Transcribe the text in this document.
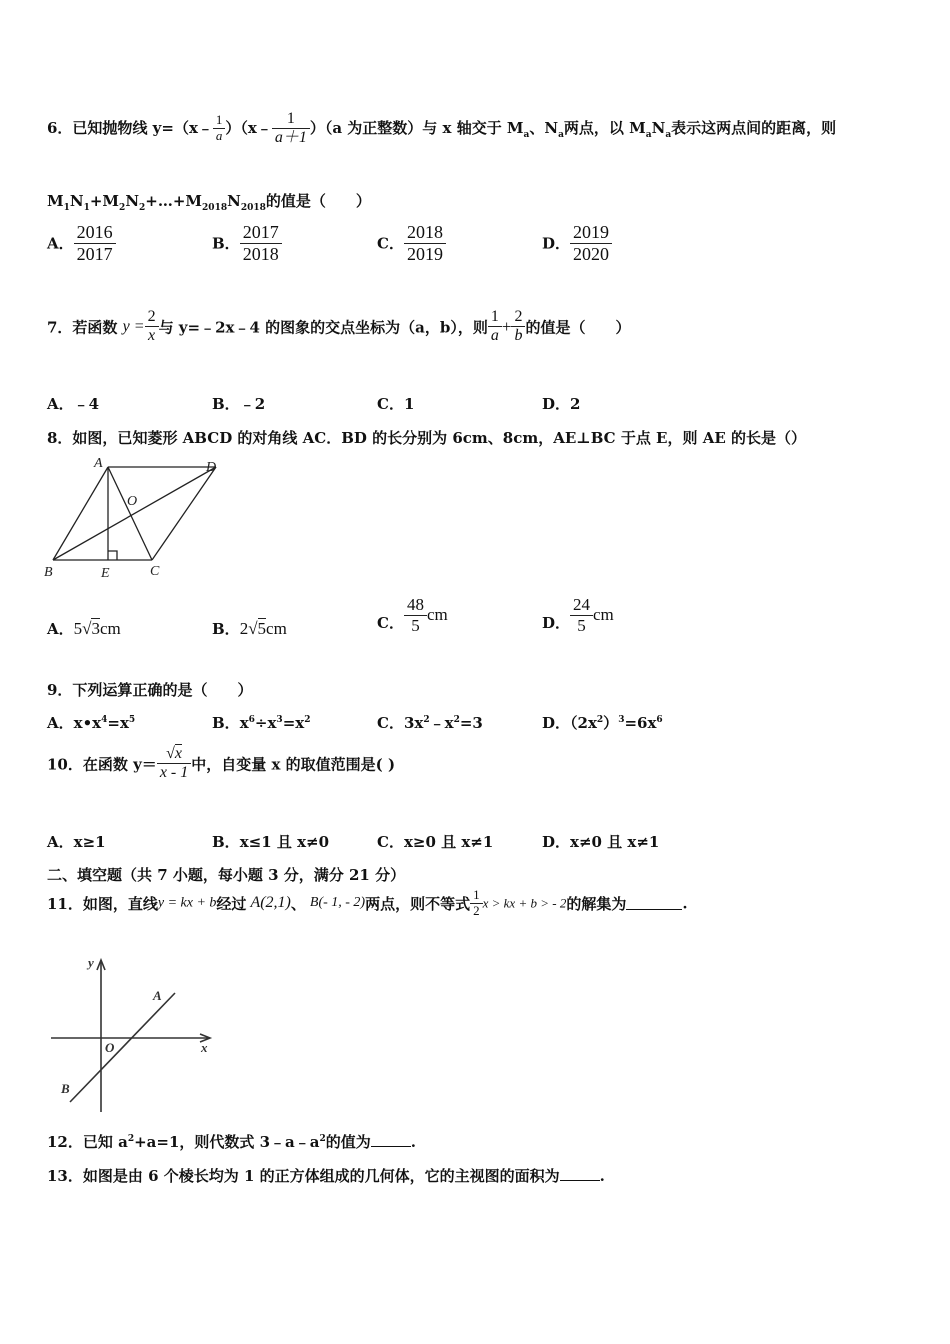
6．已知抛物线 y=（x﹣ $\frac{1}{a}$ ）（x﹣ $\frac{1}{a+1} )(a$ 为正整数）与 x 轴交于 $M_a$、$N_a$两点，以 $M_aN_a$表示这两点间的距离，则
$M_1N_1+M_2N_2+\dots+M_{2018}N_{2018}$的值是（　　）
A． $\frac{2016}{2017}$	B． $\frac{2017}{2018}$	C． $\frac{2018}{2019}$	D． $\frac{2019}{2020}$
7．若函数 $y = \frac{2}{x}$ 与 y=﹣2x﹣4 的图象的交点坐标为（a，b），则 $\frac{1}{a} + \frac{2}{b}$ 的值是（　　）
A．﹣4	B．﹣2	C．1	D．2
8．如图，已知菱形 ABCD 的对角线 AC．BD 的长分别为 6cm、8cm，AE⊥BC 于点 E，则 AE 的长是（）
A	D
O
B	E	C
A．5√3cm	B．2√5cm	C． $\frac{48}{5}$ cm	D． $\frac{24}{5}$ cm
9．下列运算正确的是（　　）
A．$x•x^4=x^5$	B．$x^6\div x^3=x^2$	C．$3x^2﹣x^2=3$	D．$(2x^2)^3=6x^6$
10．在函数 $y= \frac{√x}{x - 1}$ 中，自变量 x 的取值范围是( )
A．x≥1	B．x≤1 且 x≠0	C．x≥0 且 x≠1	D．x≠0 且 x≠1
二、填空题（共 7 小题，每小题 3 分，满分 21 分）
11．如图，直线y = kx + b经过 A(2,1)、 B(- 1, - 2)两点，则不等式 $\frac{1}{2}$ x > kx + b > - 2的解集为	.
y
x
O
A
B
12．已知 $a^2+a=1$，则代数式 $3﹣a﹣a^2$的值为	.
13．如图是由 6 个棱长均为 1 的正方体组成的几何体，它的主视图的面积为	.
